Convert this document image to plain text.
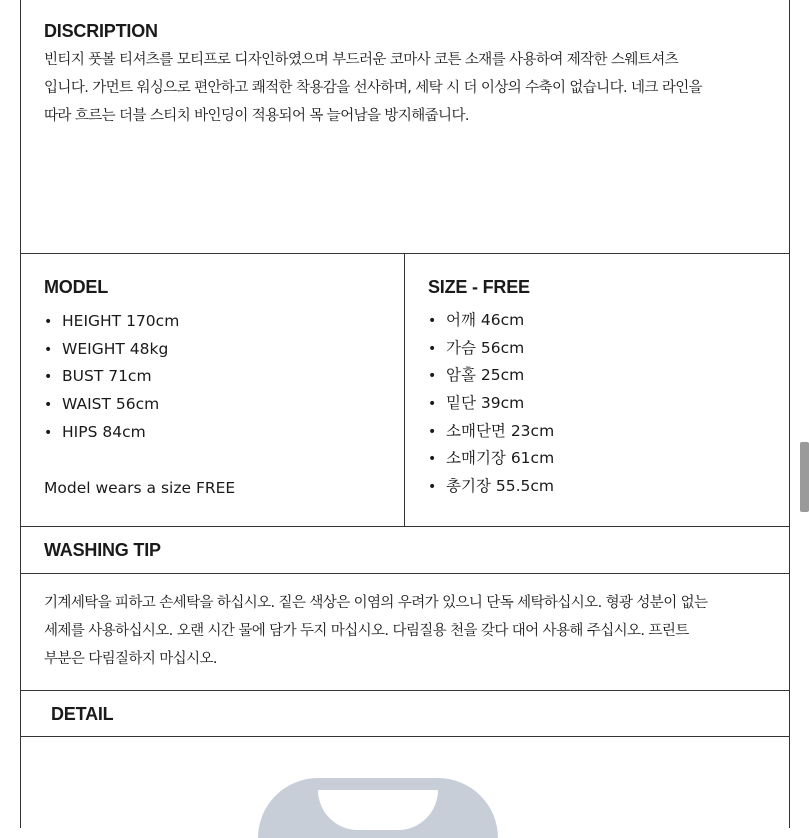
DISCRIPTION
빈티지 풋볼 티셔츠를 모티프로 디자인하였으며 부드러운 코마사 코튼 소재를 사용하여 제작한 스웨트셔츠
입니다. 가먼트 워싱으로 편안하고 쾌적한 착용감을 선사하며, 세탁 시 더 이상의 수축이 없습니다. 네크 라인을
따라 흐르는 더블 스티치 바인딩이 적용되어 목 늘어남을 방지해줍니다.
MODEL
• HEIGHT 170cm
• WEIGHT 48kg
• BUST 71cm
• WAIST 56cm
• HIPS 84cm
Model wears a size FREE
SIZE - FREE
• 어깨 46cm
• 가슴 56cm
• 암홀 25cm
• 밑단 39cm
• 소매단면 23cm
• 소매기장 61cm
• 총기장 55.5cm
WASHING TIP
기계세탁을 피하고 손세탁을 하십시오. 짙은 색상은 이염의 우려가 있으니 단독 세탁하십시오. 형광 성분이 없는
세제를 사용하십시오. 오랜 시간 물에 담가 두지 마십시오. 다림질용 천을 갖다 대어 사용해 주십시오. 프린트
부분은 다림질하지 마십시오.
DETAIL
